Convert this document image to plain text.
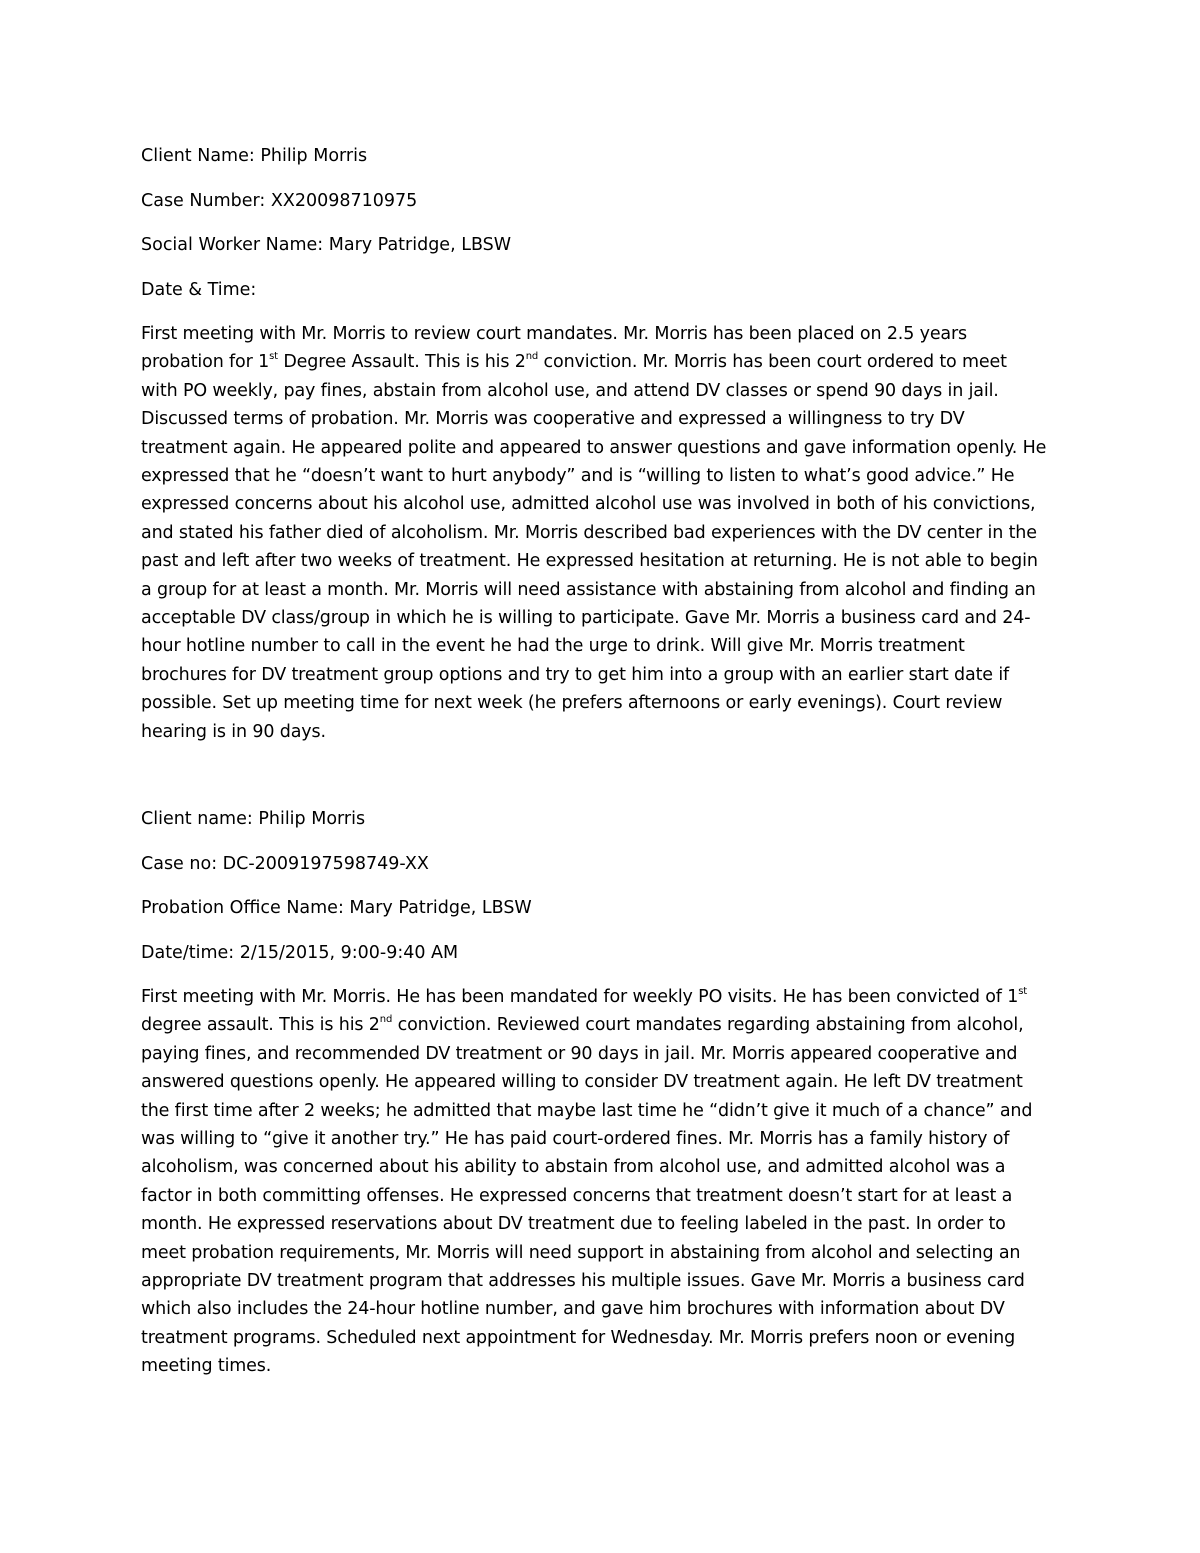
Client Name: Philip Morris
Case Number: XX20098710975
Social Worker Name: Mary Patridge, LBSW
Date & Time:

First meeting with Mr. Morris to review court mandates. Mr. Morris has been placed on 2.5 years
probation for 1st Degree Assault. This is his 2nd conviction. Mr. Morris has been court ordered to meet
with PO weekly, pay fines, abstain from alcohol use, and attend DV classes or spend 90 days in jail.
Discussed terms of probation. Mr. Morris was cooperative and expressed a willingness to try DV
treatment again. He appeared polite and appeared to answer questions and gave information openly. He
expressed that he “doesn’t want to hurt anybody” and is “willing to listen to what’s good advice.” He
expressed concerns about his alcohol use, admitted alcohol use was involved in both of his convictions,
and stated his father died of alcoholism. Mr. Morris described bad experiences with the DV center in the
past and left after two weeks of treatment. He expressed hesitation at returning. He is not able to begin
a group for at least a month. Mr. Morris will need assistance with abstaining from alcohol and finding an
acceptable DV class/group in which he is willing to participate. Gave Mr. Morris a business card and 24-
hour hotline number to call in the event he had the urge to drink. Will give Mr. Morris treatment
brochures for DV treatment group options and try to get him into a group with an earlier start date if
possible. Set up meeting time for next week (he prefers afternoons or early evenings). Court review
hearing is in 90 days.

Client name: Philip Morris
Case no: DC-2009197598749-XX
Probation Office Name: Mary Patridge, LBSW
Date/time: 2/15/2015, 9:00-9:40 AM

First meeting with Mr. Morris. He has been mandated for weekly PO visits. He has been convicted of 1st
degree assault. This is his 2nd conviction. Reviewed court mandates regarding abstaining from alcohol,
paying fines, and recommended DV treatment or 90 days in jail. Mr. Morris appeared cooperative and
answered questions openly. He appeared willing to consider DV treatment again. He left DV treatment
the first time after 2 weeks; he admitted that maybe last time he “didn’t give it much of a chance” and
was willing to “give it another try.” He has paid court-ordered fines. Mr. Morris has a family history of
alcoholism, was concerned about his ability to abstain from alcohol use, and admitted alcohol was a
factor in both committing offenses. He expressed concerns that treatment doesn’t start for at least a
month. He expressed reservations about DV treatment due to feeling labeled in the past. In order to
meet probation requirements, Mr. Morris will need support in abstaining from alcohol and selecting an
appropriate DV treatment program that addresses his multiple issues. Gave Mr. Morris a business card
which also includes the 24-hour hotline number, and gave him brochures with information about DV
treatment programs. Scheduled next appointment for Wednesday. Mr. Morris prefers noon or evening
meeting times.
